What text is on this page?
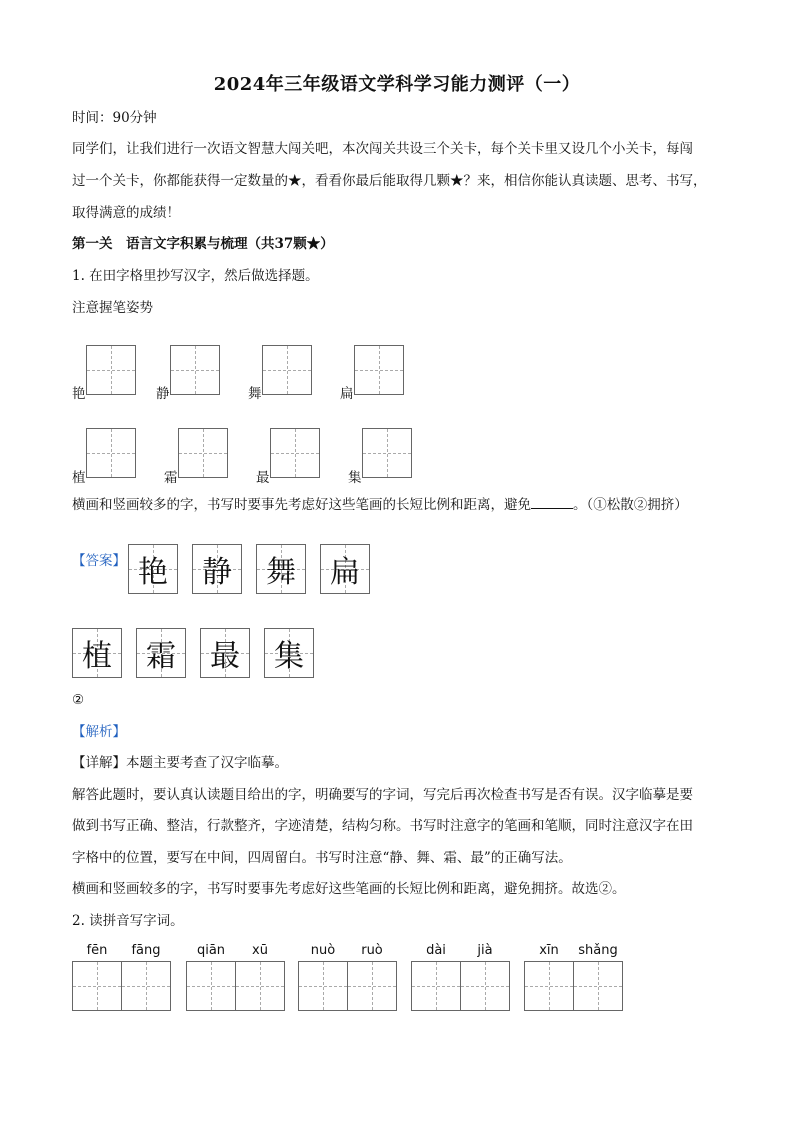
2024年三年级语文学科学习能力测评（一）
时间：90分钟
同学们，让我们进行一次语文智慧大闯关吧，本次闯关共设三个关卡，每个关卡里又设几个小关卡，每闯
过一个关卡，你都能获得一定数量的★，看看你最后能取得几颗★？来，相信你能认真读题、思考、书写，
取得满意的成绩！
第一关　语言文字积累与梳理（共37颗★）
1. 在田字格里抄写汉字，然后做选择题。
注意握笔姿势
艳	静	舞	扁
植	霜	最	集
横画和竖画较多的字，书写时要事先考虑好这些笔画的长短比例和距离，避免	。（①松散②拥挤）
【答案】 艳	静	舞	扁
植	霜	最	集
②
【解析】
【详解】本题主要考查了汉字临摹。
解答此题时，要认真认读题目给出的字，明确要写的字词，写完后再次检查书写是否有误。汉字临摹是要
做到书写正确、整洁，行款整齐，字迹清楚，结构匀称。书写时注意字的笔画和笔顺，同时注意汉字在田
字格中的位置，要写在中间，四周留白。书写时注意“静、舞、霜、最”的正确写法。
横画和竖画较多的字，书写时要事先考虑好这些笔画的长短比例和距离，避免拥挤。故选②。
2. 读拼音写字词。
fēn	fāng	qiān	xū	nuò	ruò	dài	jià	xīn	shǎng
